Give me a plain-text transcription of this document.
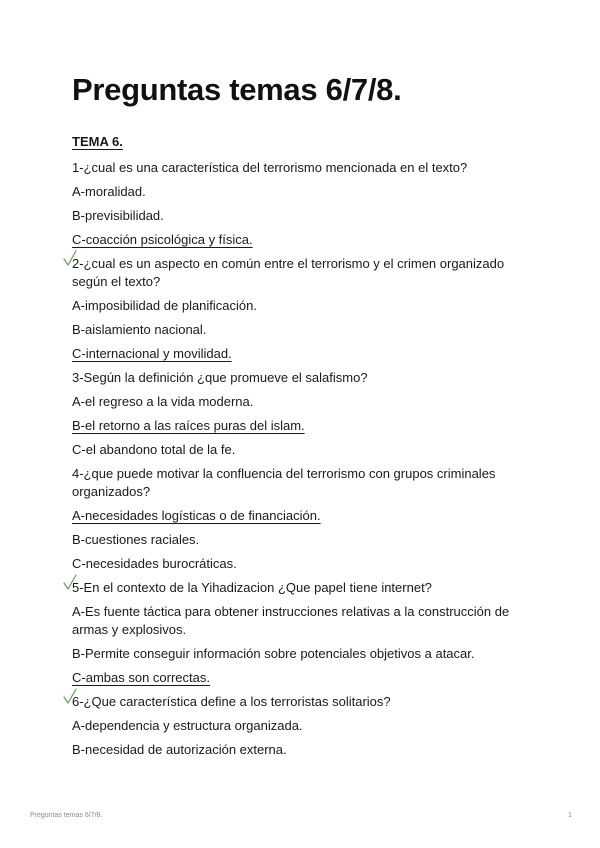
Preguntas temas 6/7/8.
TEMA 6.
1-¿cual es una característica del terrorismo mencionada en el texto?
A-moralidad.
B-previsibilidad.
C-coacción psicológica y física.
2-¿cual es un aspecto en común entre el terrorismo y el crimen organizado según el texto?
A-imposibilidad de planificación.
B-aislamiento nacional.
C-internacional y movilidad.
3-Según la definición ¿que promueve el salafismo?
A-el regreso a la vida moderna.
B-el retorno a las raíces puras del islam.
C-el abandono total de la fe.
4-¿que puede motivar la confluencia del terrorismo con grupos criminales organizados?
A-necesidades logísticas o de financiación.
B-cuestiones raciales.
C-necesidades burocráticas.
5-En el contexto de la Yihadizacion ¿Que papel tiene internet?
A-Es fuente táctica para obtener instrucciones relativas a la construcción de armas y explosivos.
B-Permite conseguir información sobre potenciales objetivos a atacar.
C-ambas son correctas.
6-¿Que característica define a los terroristas solitarios?
A-dependencia y estructura organizada.
B-necesidad de autorización externa.
Preguntas temas 6/7/8.	1
